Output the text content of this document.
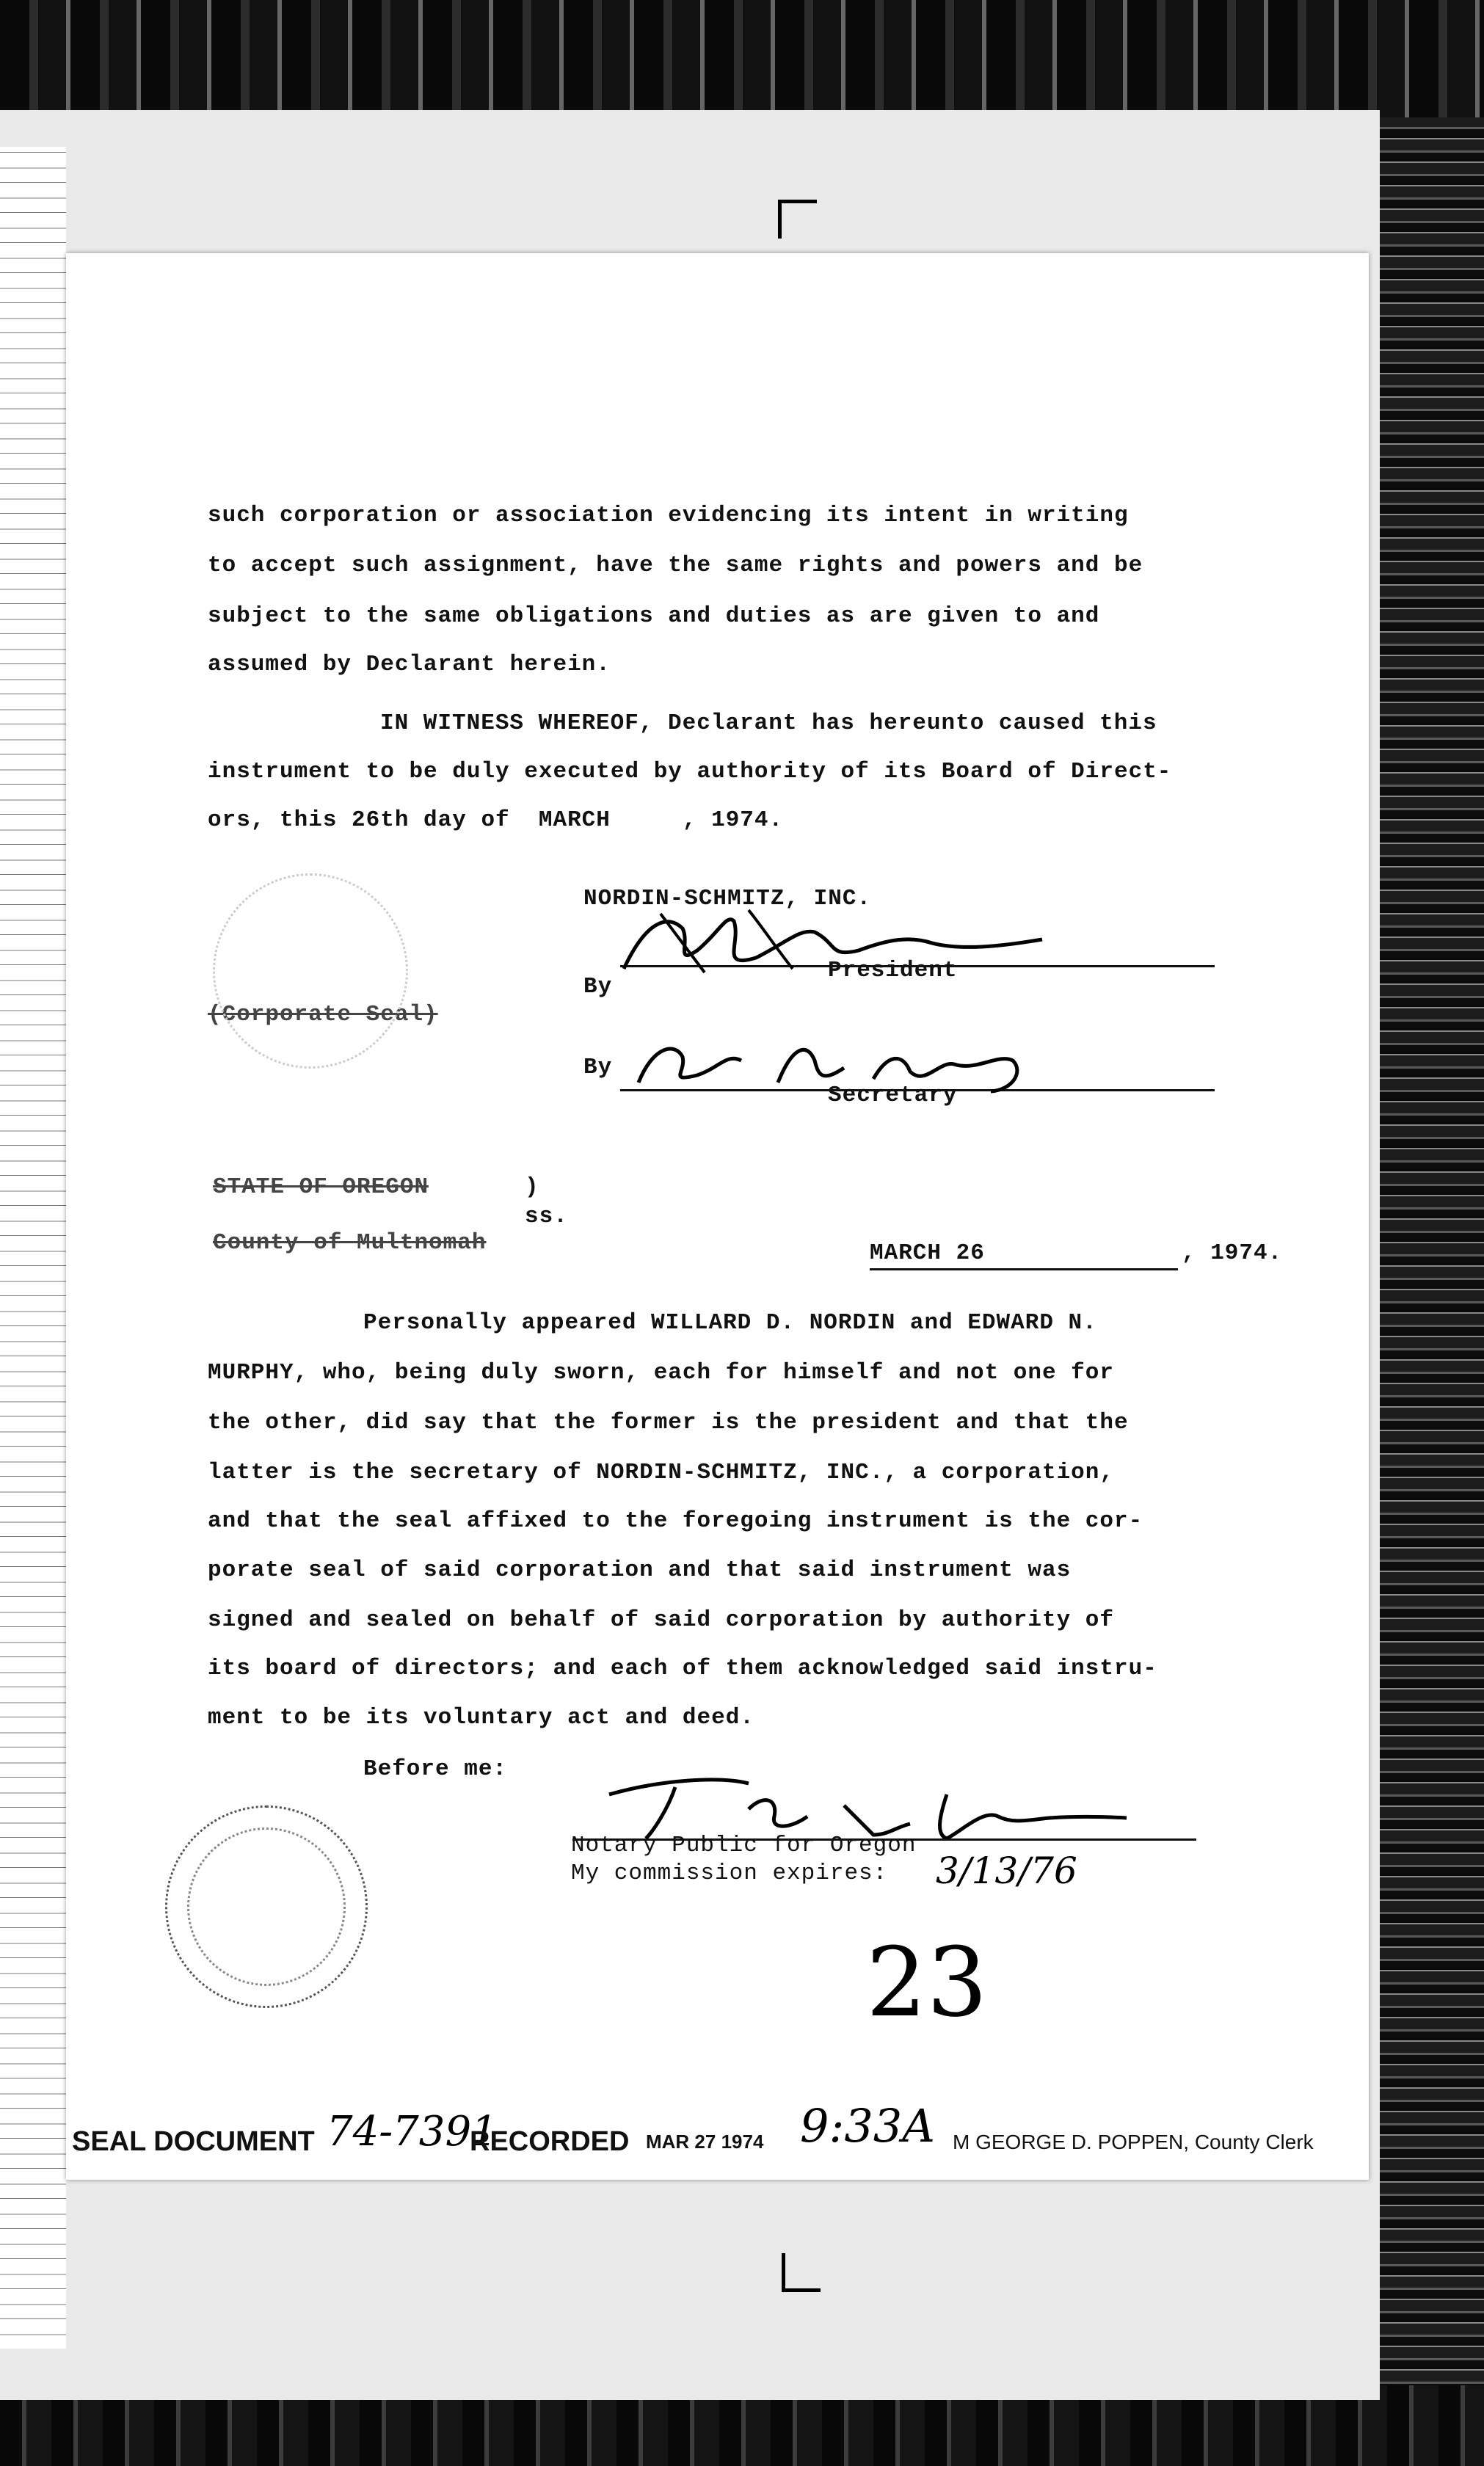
such corporation or association evidencing its intent in writing
to accept such assignment, have the same rights and powers and be
subject to the same obligations and duties as are given to and
assumed by Declarant herein.
IN WITNESS WHEREOF, Declarant has hereunto caused this
instrument to be duly executed by authority of its Board of Direct-
ors, this 26th day of  MARCH     , 1974.
NORDIN-SCHMITZ, INC.
By
President
(Corporate Seal)
By
Secretary
STATE OF OREGON	)
ss.
County of Multnomah	MARCH 26	, 1974.
Personally appeared WILLARD D. NORDIN and EDWARD N.
MURPHY, who, being duly sworn, each for himself and not one for
the other, did say that the former is the president and that the
latter is the secretary of NORDIN-SCHMITZ, INC., a corporation,
and that the seal affixed to the foregoing instrument is the cor-
porate seal of said corporation and that said instrument was
signed and sealed on behalf of said corporation by authority of
its board of directors; and each of them acknowledged said instru-
ment to be its voluntary act and deed.
Before me:
Notary Public for Oregon
My commission expires: 3/13/76
23
SEAL DOCUMENT 74-7391
RECORDED MAR 27 1974 9:33A M GEORGE D. POPPEN, County Clerk
